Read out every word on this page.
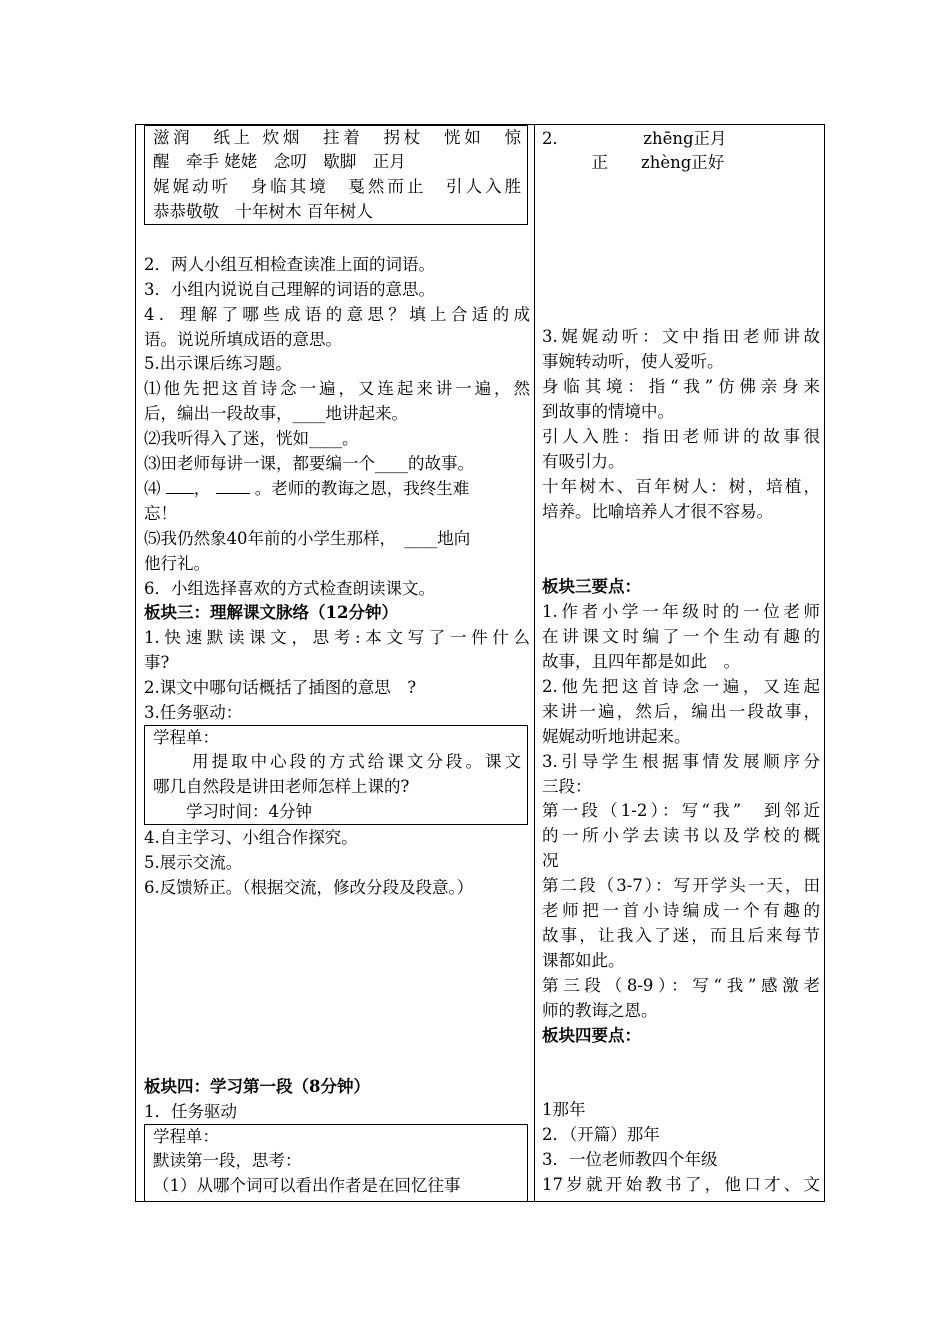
滋润　纸上 炊烟　拄着　拐杖　恍如　惊
醒　牵手 姥姥　念叨　歇脚　正月
娓娓动听　身临其境　戛然而止　引人入胜
恭恭敬敬　十年树木 百年树人
2．两人小组互相检查读准上面的词语。
3．小组内说说自己理解的词语的意思。
4．理解了哪些成语的意思？填上合适的成
语。说说所填成语的意思。
5.出示课后练习题。
⑴他先把这首诗念一遍，又连起来讲一遍，然
后，编出一段故事，____地讲起来。
⑵我听得入了迷，恍如____。
⑶田老师每讲一课，都要编一个____的故事。
⑷ ，	。老师的教诲之恩，我终生难
忘！
⑸我仍然象40年前的小学生那样，　____地向
他行礼。
6．小组选择喜欢的方式检查朗读课文。
板块三：理解课文脉络（12分钟）
1.快速默读课文，思考:本文写了一件什么
事?
2.课文中哪句话概括了插图的意思　?
3.任务驱动：
学程单：
　　用提取中心段的方式给课文分段。课文
哪几自然段是讲田老师怎样上课的?
　　学习时间：4分钟
4.自主学习、小组合作探究。
5.展示交流。
6.反馈矫正。（根据交流，修改分段及段意。）
板块四：学习第一段（8分钟）
1．任务驱动
学程单：
默读第一段，思考：
（1）从哪个词可以看出作者是在回忆往事
2．　　　　　zhēng正月
　　　正　　zhèng正好
3.娓娓动听：文中指田老师讲故
事婉转动听，使人爱听。
身临其境：指“我”仿佛亲身来
到故事的情境中。
引人入胜：指田老师讲的故事很
有吸引力。
十年树木、百年树人：树，培植，
培养。比喻培养人才很不容易。
板块三要点：
1.作者小学一年级时的一位老师
在讲课文时编了一个生动有趣的
故事，且四年都是如此　。
2.他先把这首诗念一遍，又连起
来讲一遍，然后，编出一段故事，
娓娓动听地讲起来。
3.引导学生根据事情发展顺序分
三段：
第一段（1-2）：写“我”　到邻近
的一所小学去读书以及学校的概
况
第二段（3-7）：写开学头一天，田
老师把一首小诗编成一个有趣的
故事，让我入了迷，而且后来每节
课都如此。
第三段（8-9）：写“我”感激老
师的教诲之恩。
板块四要点：
1那年
2．（开篇）那年
3．一位老师教四个年级
17岁就开始教书了，他口才、文
